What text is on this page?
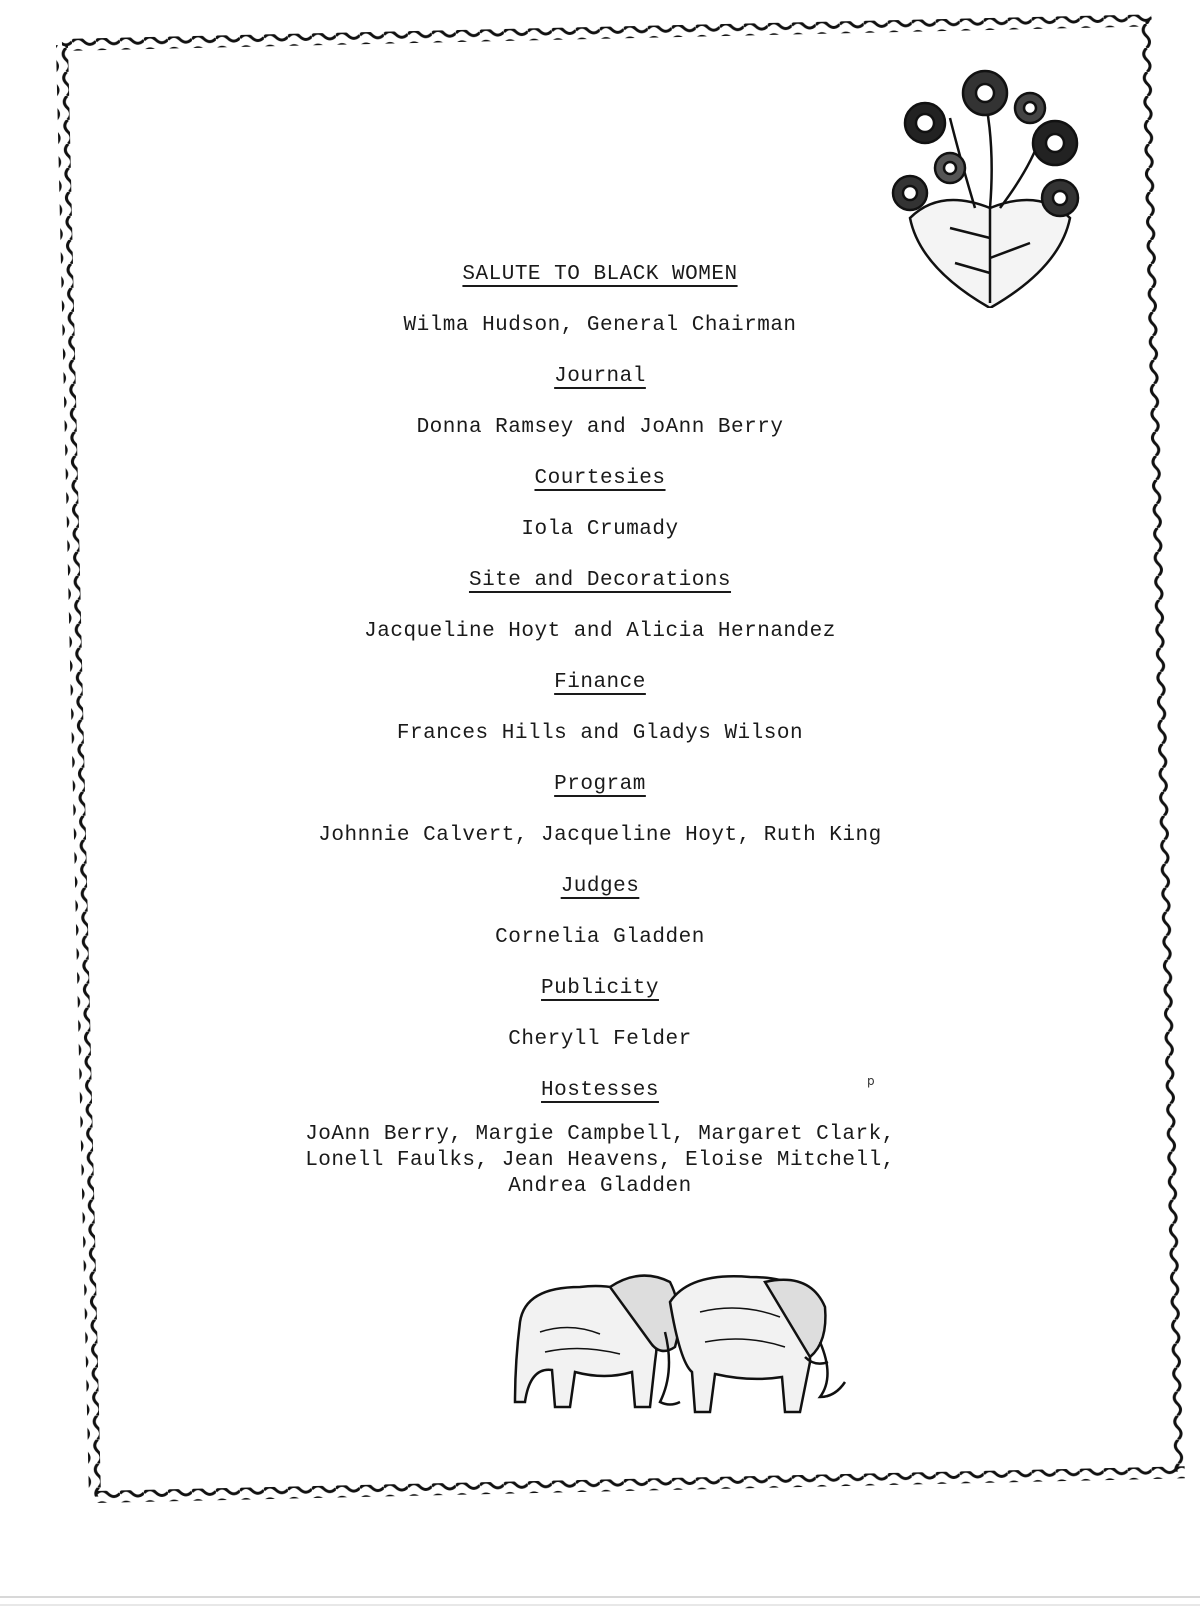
SALUTE TO BLACK WOMEN
Wilma Hudson, General Chairman
Journal
Donna Ramsey and JoAnn Berry
Courtesies
Iola Crumady
Site and Decorations
Jacqueline Hoyt and Alicia Hernandez
Finance
Frances Hills and Gladys Wilson
Program
Johnnie Calvert, Jacqueline Hoyt, Ruth King
Judges
Cornelia Gladden
Publicity
Cheryll Felder
Hostesses
JoAnn Berry, Margie Campbell, Margaret Clark,
Lonell Faulks, Jean Heavens, Eloise Mitchell,
Andrea Gladden
p
